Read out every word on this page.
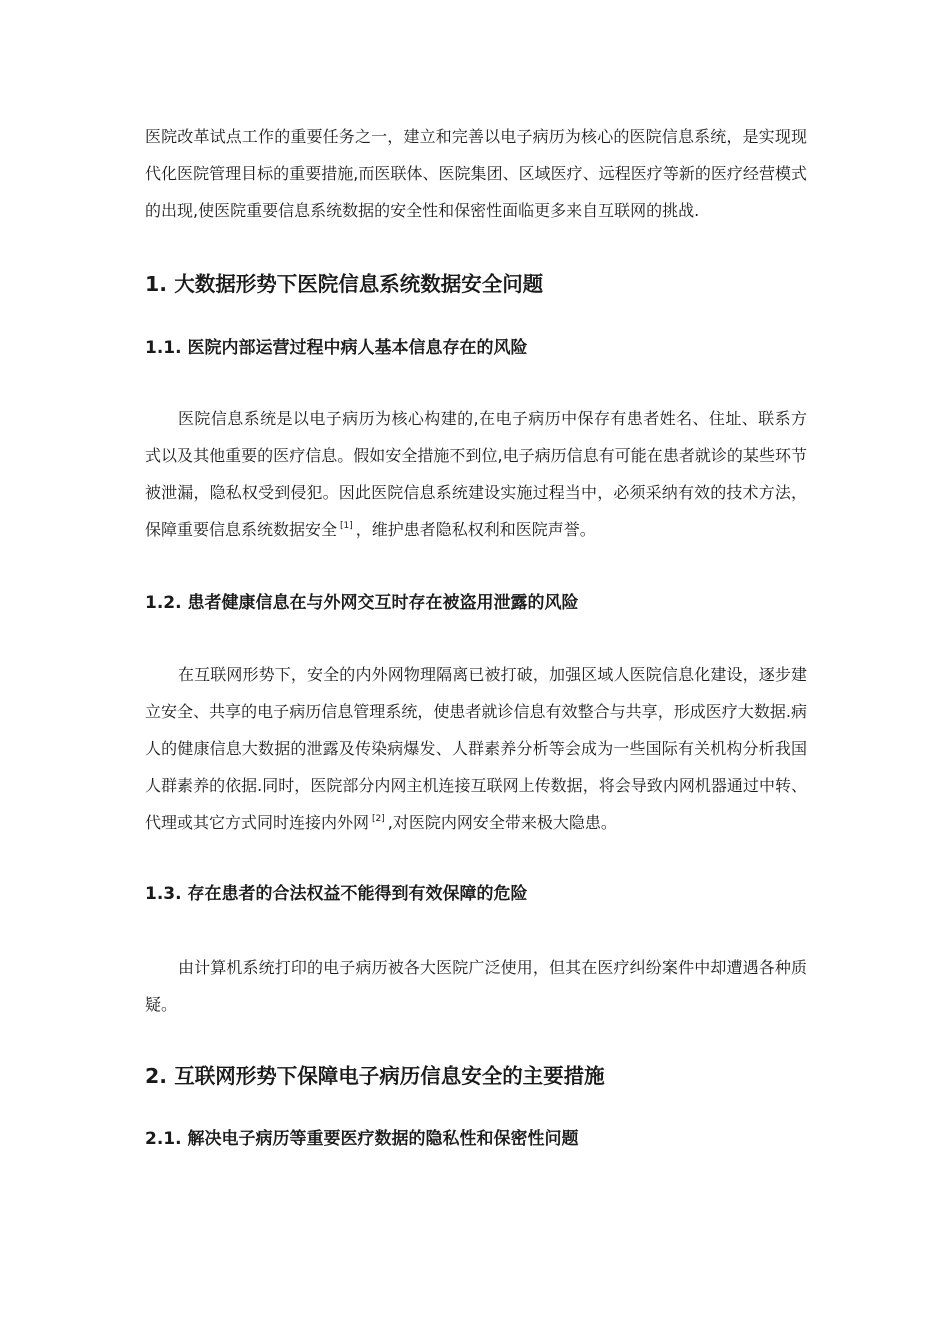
医院改革试点工作的重要任务之一，建立和完善以电子病历为核心的医院信息系统，是实现现代化医院管理目标的重要措施,而医联体、医院集团、区域医疗、远程医疗等新的医疗经营模式的出现,使医院重要信息系统数据的安全性和保密性面临更多来自互联网的挑战.

1. 大数据形势下医院信息系统数据安全问题
1.1. 医院内部运营过程中病人基本信息存在的风险

医院信息系统是以电子病历为核心构建的,在电子病历中保存有患者姓名、住址、联系方式以及其他重要的医疗信息。假如安全措施不到位,电子病历信息有可能在患者就诊的某些环节被泄漏，隐私权受到侵犯。因此医院信息系统建设实施过程当中，必须采纳有效的技术方法，保障重要信息系统数据安全 [1] ，维护患者隐私权利和医院声誉。

1.2. 患者健康信息在与外网交互时存在被盗用泄露的风险

在互联网形势下，安全的内外网物理隔离已被打破，加强区域人医院信息化建设，逐步建立安全、共享的电子病历信息管理系统，使患者就诊信息有效整合与共享，形成医疗大数据.病人的健康信息大数据的泄露及传染病爆发、人群素养分析等会成为一些国际有关机构分析我国人群素养的依据.同时，医院部分内网主机连接互联网上传数据，将会导致内网机器通过中转、代理或其它方式同时连接内外网 [2] ,对医院内网安全带来极大隐患。

1.3. 存在患者的合法权益不能得到有效保障的危险

由计算机系统打印的电子病历被各大医院广泛使用，但其在医疗纠纷案件中却遭遇各种质疑。

2. 互联网形势下保障电子病历信息安全的主要措施
2.1. 解决电子病历等重要医疗数据的隐私性和保密性问题
